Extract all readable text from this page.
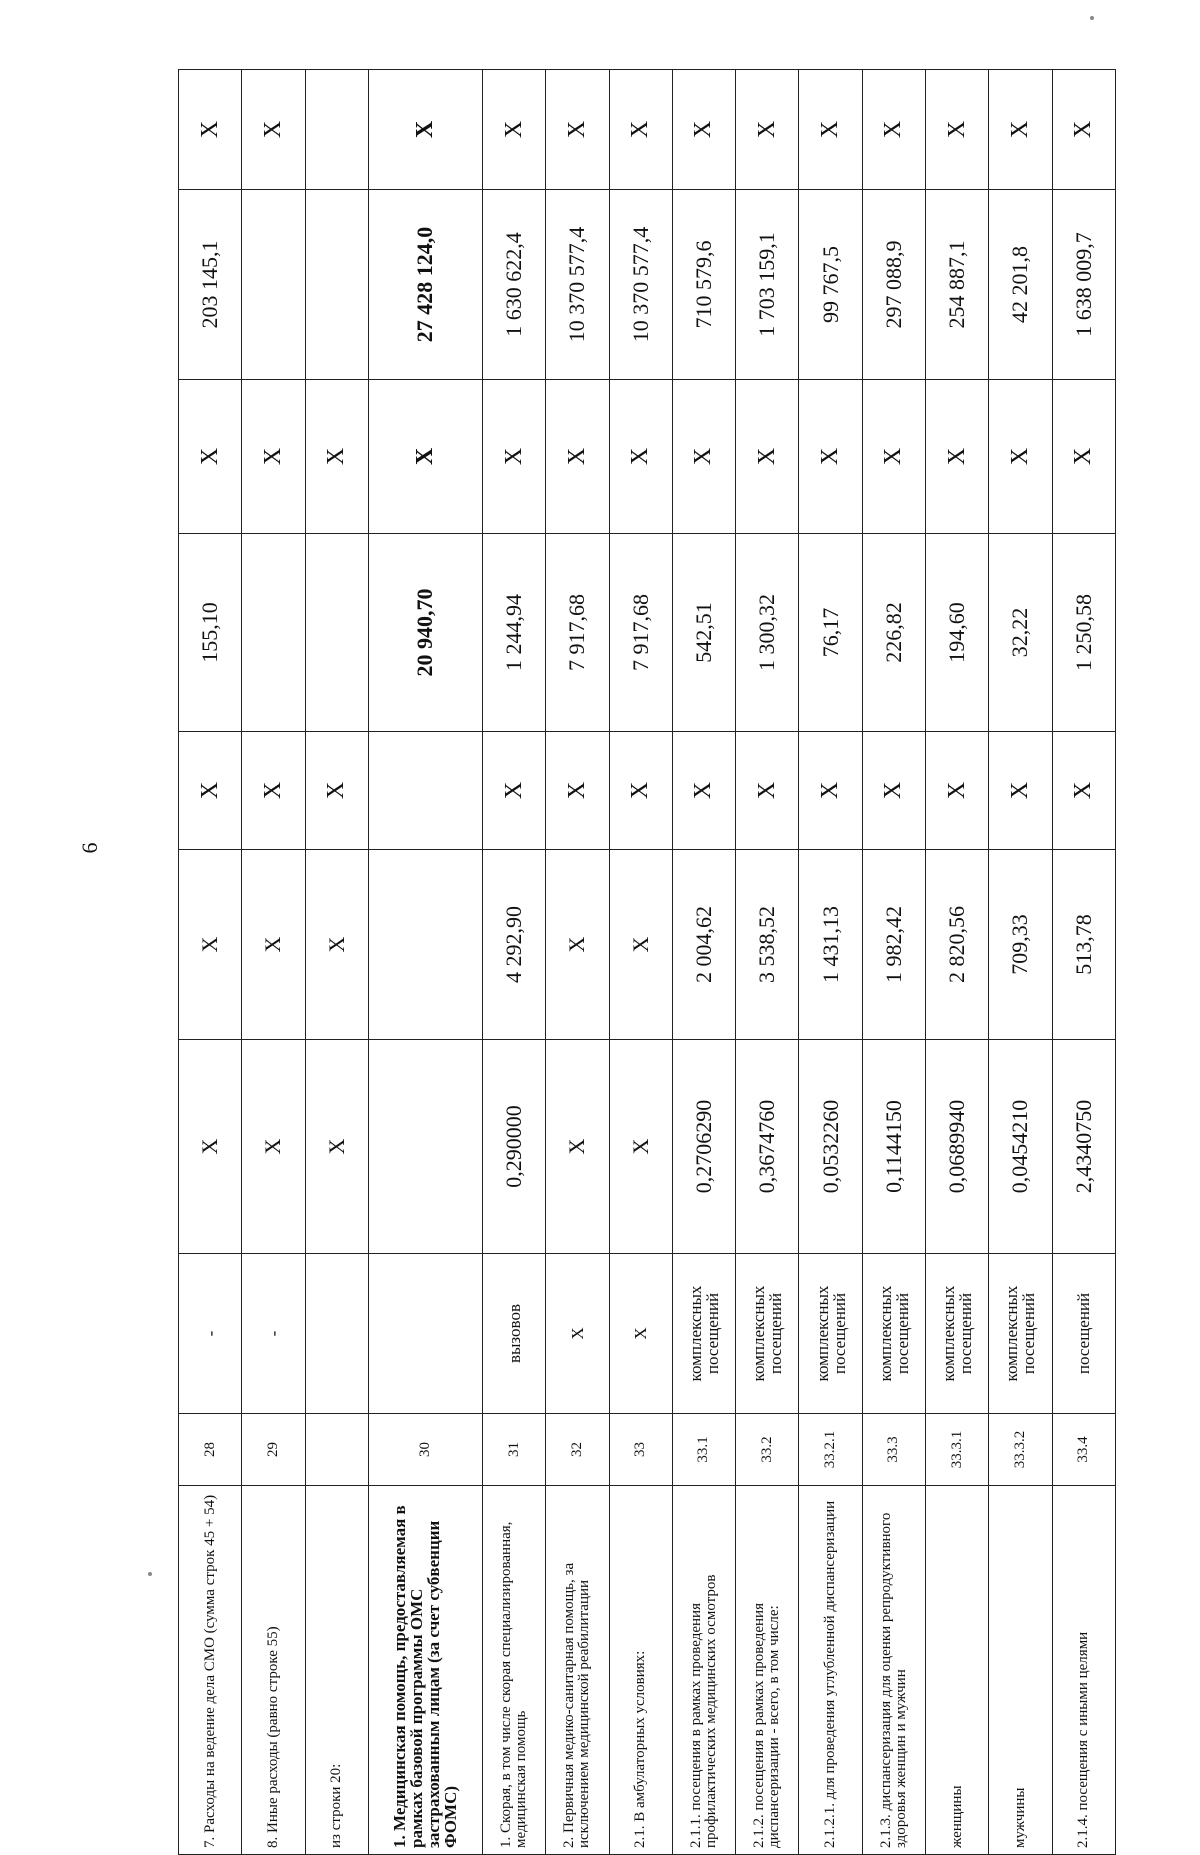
6
7. Расходы на ведение дела СМО (сумма строк 45 + 54)	28	-	X	X	X	155,10	X	203 145,1	X
8. Иные расходы (равно строке 55)	29	-	X	X	X		X		X
из строки 20:			X	X	X		X		
1. Медицинская помощь, предоставляемая в рамках базовой программы ОМС застрахованным лицам (за счет субвенции ФОМС)	30					20 940,70	X	27 428 124,0	X
1. Скорая, в том числе скорая специализированная, медицинская помощь	31	вызовов	0,290000	4 292,90	X	1 244,94	X	1 630 622,4	X
2. Первичная медико-санитарная помощь, за исключением медицинской реабилитации	32	X	X	X	X	7 917,68	X	10 370 577,4	X
2.1. В амбулаторных условиях:	33	X	X	X	X	7 917,68	X	10 370 577,4	X
2.1.1. посещения в рамках проведения профилактических медицинских осмотров	33.1	комплексных посещений	0,2706290	2 004,62	X	542,51	X	710 579,6	X
2.1.2. посещения в рамках проведения диспансеризации - всего, в том числе:	33.2	комплексных посещений	0,3674760	3 538,52	X	1 300,32	X	1 703 159,1	X
2.1.2.1. для проведения углубленной диспансеризации	33.2.1	комплексных посещений	0,0532260	1 431,13	X	76,17	X	99 767,5	X
2.1.3. диспансеризация для оценки репродуктивного здоровья женщин и мужчин	33.3	комплексных посещений	0,1144150	1 982,42	X	226,82	X	297 088,9	X
женщины	33.3.1	комплексных посещений	0,0689940	2 820,56	X	194,60	X	254 887,1	X
мужчины	33.3.2	комплексных посещений	0,0454210	709,33	X	32,22	X	42 201,8	X
2.1.4. посещения с иными целями	33.4	посещений	2,4340750	513,78	X	1 250,58	X	1 638 009,7	X
